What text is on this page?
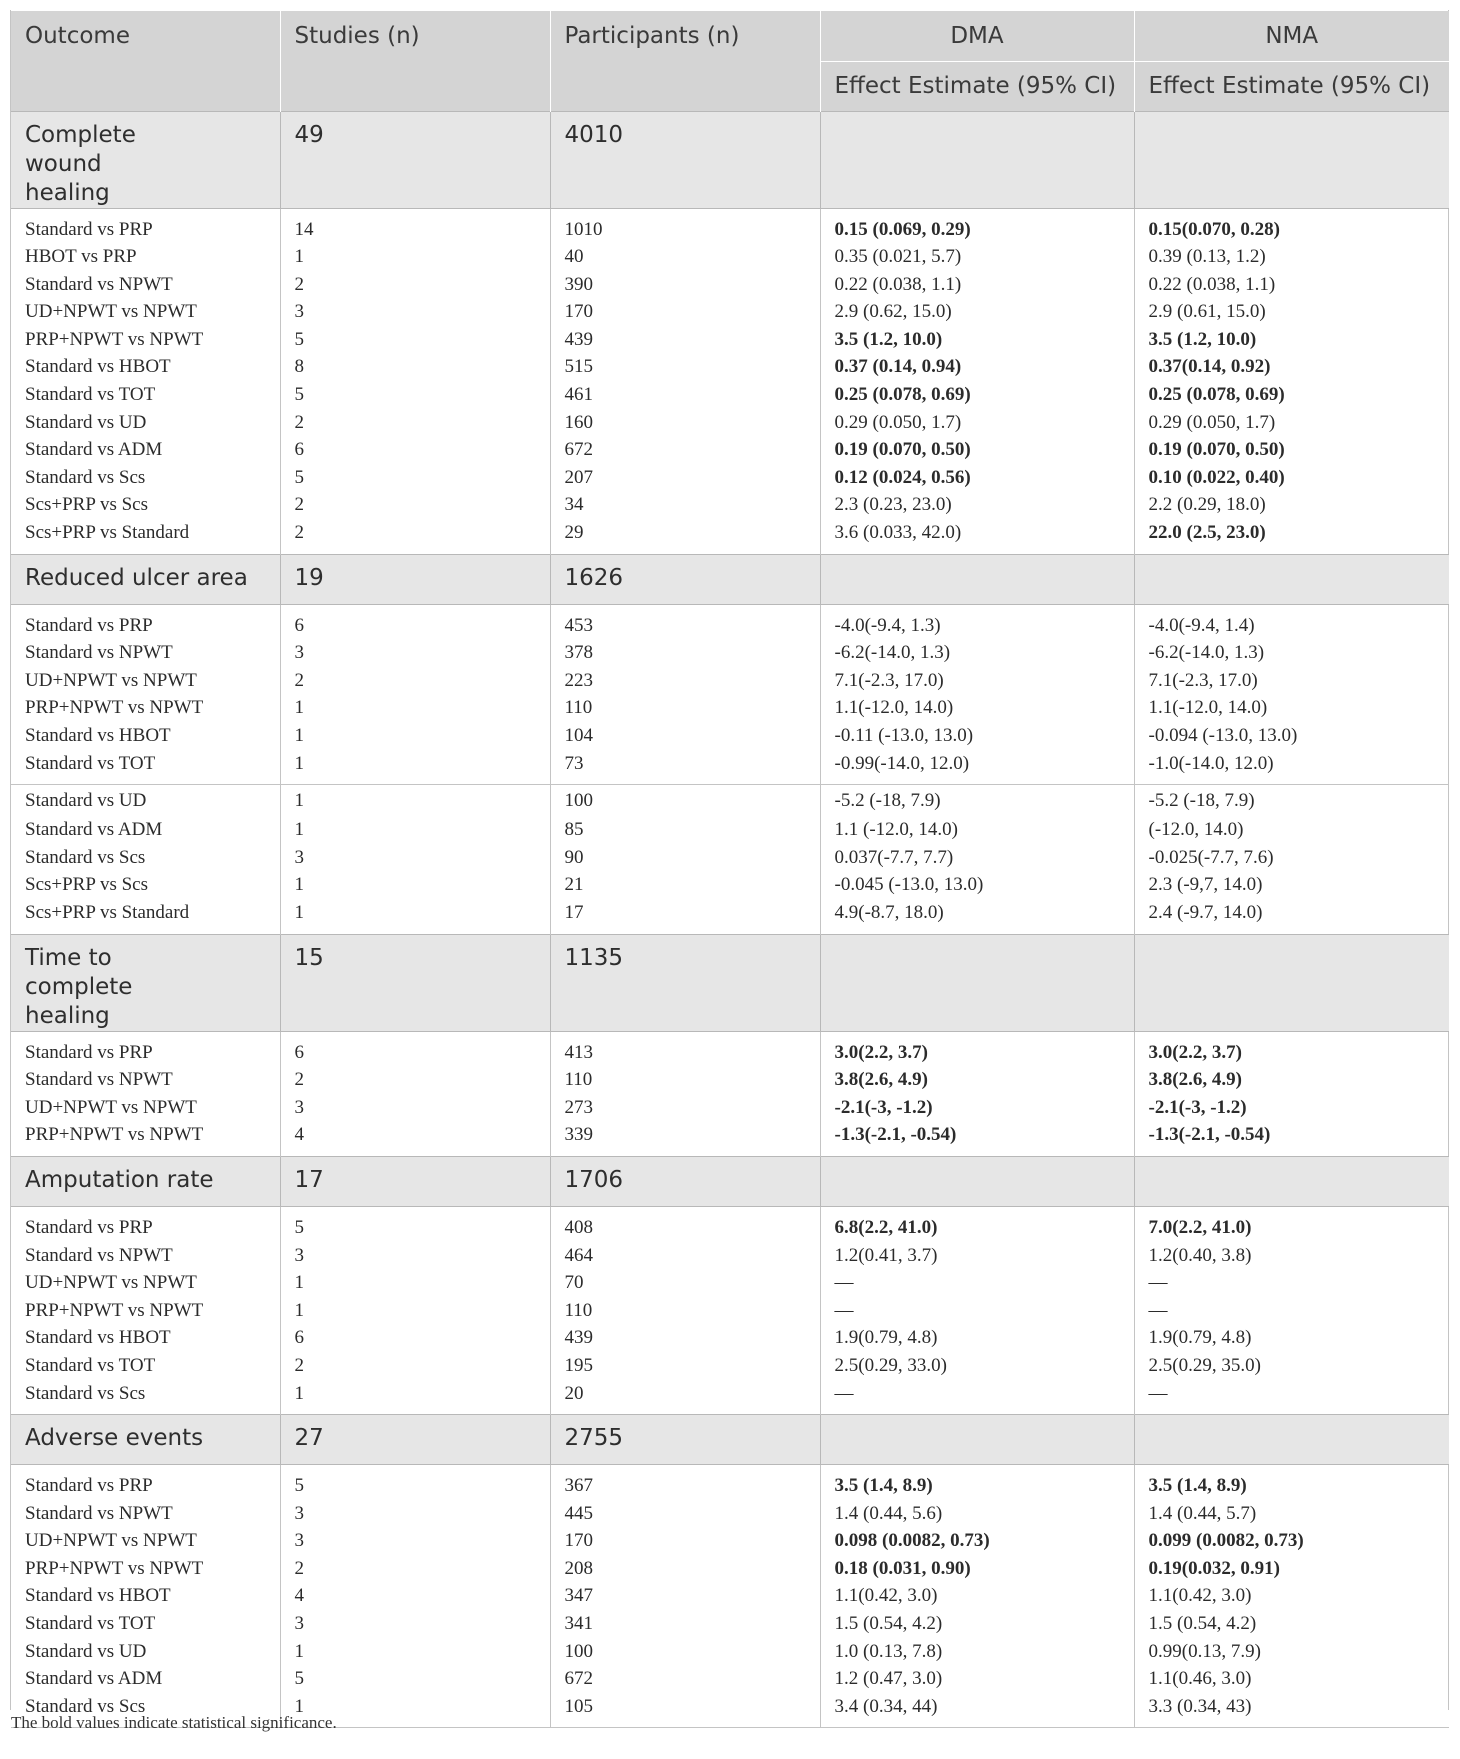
Outcome	Studies (n)	Participants (n)	DMA	NMA
			Effect Estimate (95% CI)	Effect Estimate (95% CI)
Complete wound healing	49	4010		

Standard vs PRP	14	1010	0.15 (0.069, 0.29)	0.15(0.070, 0.28)
HBOT vs PRP	1	40	0.35 (0.021, 5.7)	0.39 (0.13, 1.2)
Standard vs NPWT	2	390	0.22 (0.038, 1.1)	0.22 (0.038, 1.1)
UD+NPWT vs NPWT	3	170	2.9 (0.62, 15.0)	2.9 (0.61, 15.0)
PRP+NPWT vs NPWT	5	439	3.5 (1.2, 10.0)	3.5 (1.2, 10.0)
Standard vs HBOT	8	515	0.37 (0.14, 0.94)	0.37(0.14, 0.92)
Standard vs TOT	5	461	0.25 (0.078, 0.69)	0.25 (0.078, 0.69)
Standard vs UD	2	160	0.29 (0.050, 1.7)	0.29 (0.050, 1.7)
Standard vs ADM	6	672	0.19 (0.070, 0.50)	0.19 (0.070, 0.50)
Standard vs Scs	5	207	0.12 (0.024, 0.56)	0.10 (0.022, 0.40)
Scs+PRP vs Scs	2	34	2.3 (0.23, 23.0)	2.2 (0.29, 18.0)
Scs+PRP vs Standard	2	29	3.6 (0.033, 42.0)	22.0 (2.5, 23.0)

Reduced ulcer area	19	1626		

Standard vs PRP	6	453	-4.0(-9.4, 1.3)	-4.0(-9.4, 1.4)
Standard vs NPWT	3	378	-6.2(-14.0, 1.3)	-6.2(-14.0, 1.3)
UD+NPWT vs NPWT	2	223	7.1(-2.3, 17.0)	7.1(-2.3, 17.0)
PRP+NPWT vs NPWT	1	110	1.1(-12.0, 14.0)	1.1(-12.0, 14.0)
Standard vs HBOT	1	104	-0.11 (-13.0, 13.0)	-0.094 (-13.0, 13.0)
Standard vs TOT	1	73	-0.99(-14.0, 12.0)	-1.0(-14.0, 12.0)

Standard vs UD	1	100	-5.2 (-18, 7.9)	-5.2 (-18, 7.9)
Standard vs ADM	1	85	1.1 (-12.0, 14.0)	(-12.0, 14.0)
Standard vs Scs	3	90	0.037(-7.7, 7.7)	-0.025(-7.7, 7.6)
Scs+PRP vs Scs	1	21	-0.045 (-13.0, 13.0)	2.3 (-9,7, 14.0)
Scs+PRP vs Standard	1	17	4.9(-8.7, 18.0)	2.4 (-9.7, 14.0)

Time to complete healing	15	1135		

Standard vs PRP	6	413	3.0(2.2, 3.7)	3.0(2.2, 3.7)
Standard vs NPWT	2	110	3.8(2.6, 4.9)	3.8(2.6, 4.9)
UD+NPWT vs NPWT	3	273	-2.1(-3, -1.2)	-2.1(-3, -1.2)
PRP+NPWT vs NPWT	4	339	-1.3(-2.1, -0.54)	-1.3(-2.1, -0.54)

Amputation rate	17	1706		

Standard vs PRP	5	408	6.8(2.2, 41.0)	7.0(2.2, 41.0)
Standard vs NPWT	3	464	1.2(0.41, 3.7)	1.2(0.40, 3.8)
UD+NPWT vs NPWT	1	70	—	—
PRP+NPWT vs NPWT	1	110	—	—
Standard vs HBOT	6	439	1.9(0.79, 4.8)	1.9(0.79, 4.8)
Standard vs TOT	2	195	2.5(0.29, 33.0)	2.5(0.29, 35.0)
Standard vs Scs	1	20	—	—

Adverse events	27	2755		

Standard vs PRP	5	367	3.5 (1.4, 8.9)	3.5 (1.4, 8.9)
Standard vs NPWT	3	445	1.4 (0.44, 5.6)	1.4 (0.44, 5.7)
UD+NPWT vs NPWT	3	170	0.098 (0.0082, 0.73)	0.099 (0.0082, 0.73)
PRP+NPWT vs NPWT	2	208	0.18 (0.031, 0.90)	0.19(0.032, 0.91)
Standard vs HBOT	4	347	1.1(0.42, 3.0)	1.1(0.42, 3.0)
Standard vs TOT	3	341	1.5 (0.54, 4.2)	1.5 (0.54, 4.2)
Standard vs UD	1	100	1.0 (0.13, 7.8)	0.99(0.13, 7.9)
Standard vs ADM	5	672	1.2 (0.47, 3.0)	1.1(0.46, 3.0)
Standard vs Scs	1	105	3.4 (0.34, 44)	3.3 (0.34, 43)

The bold values indicate statistical significance.
